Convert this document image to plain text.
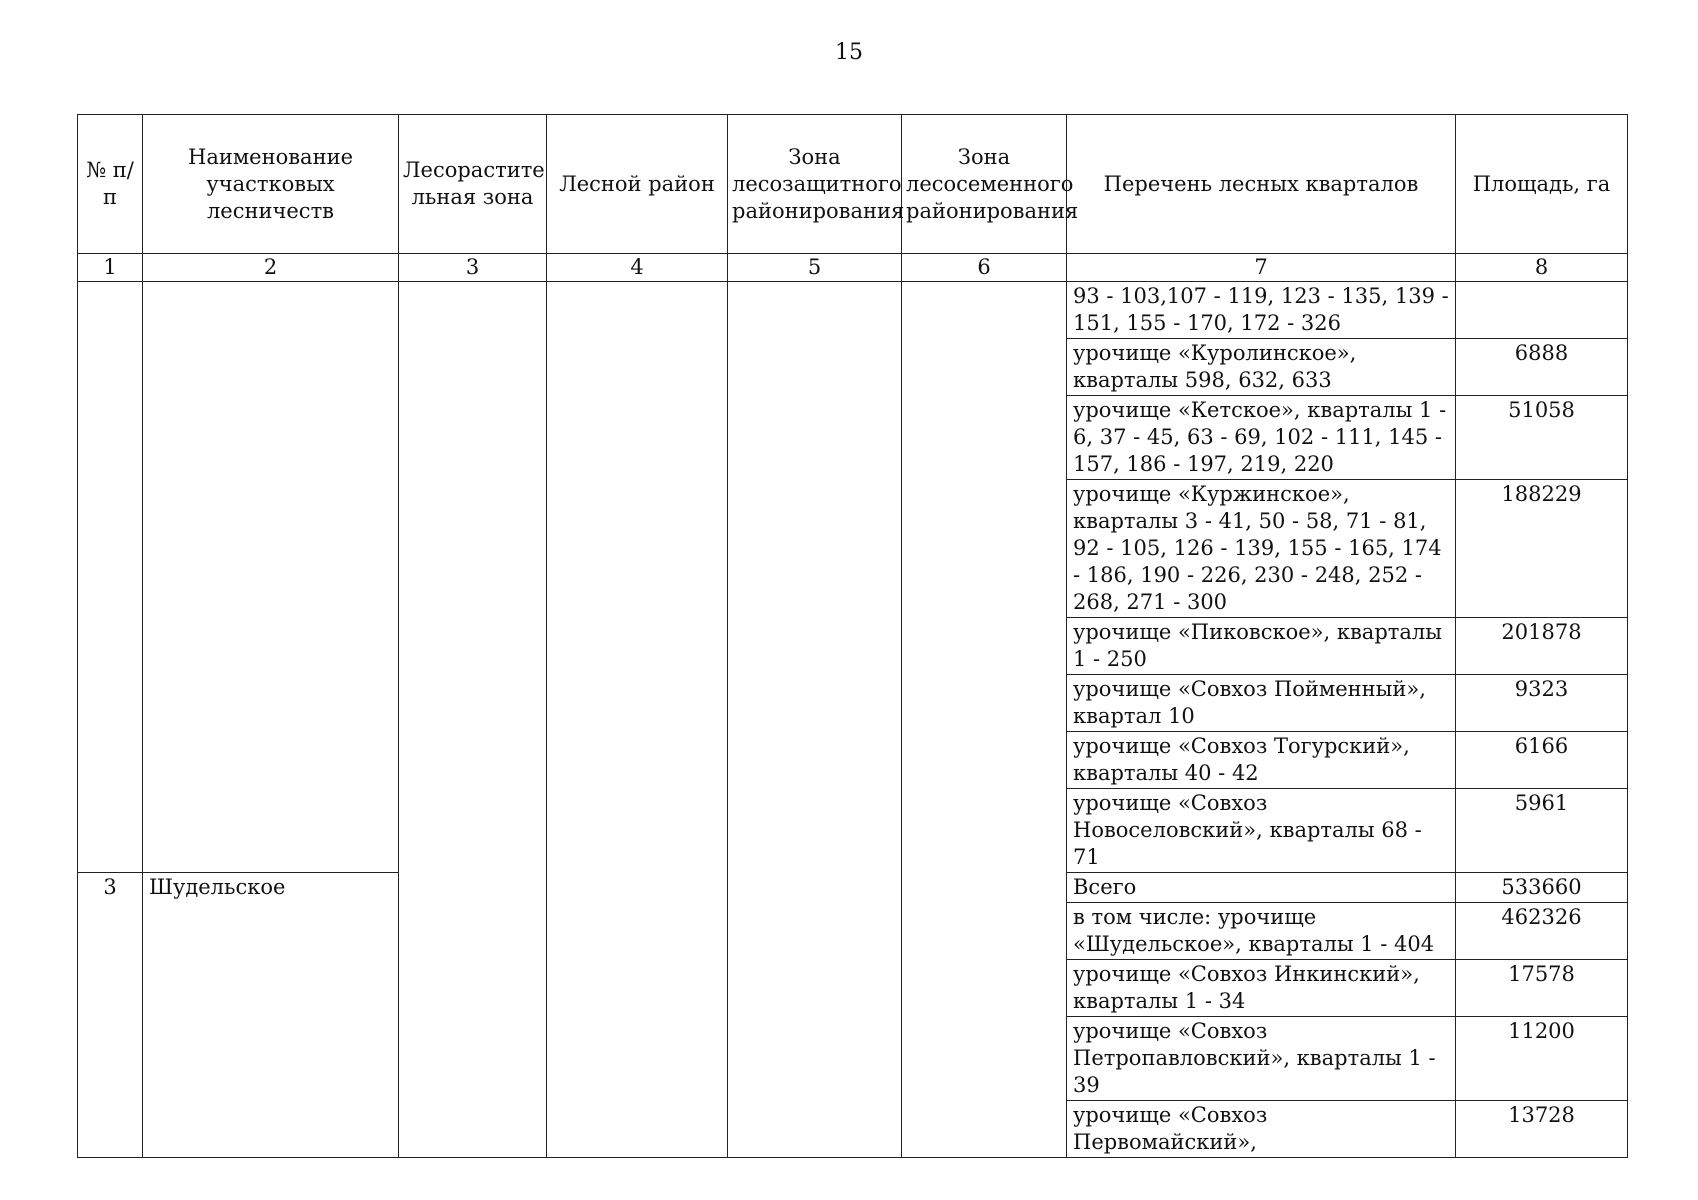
15
№ п/п	Наименование участковых лесничеств	Лесорастите льная зона	Лесной район	Зона лесозащитного районирования	Зона лесосеменного районирования	Перечень лесных кварталов	Площадь, га
1	2	3	4	5	6	7	8
						93 - 103,107 - 119, 123 - 135, 139 - 151, 155 - 170, 172 - 326	
						урочище «Куролинское», кварталы 598, 632, 633	6888
						урочище «Кетское», кварталы 1 - 6, 37 - 45, 63 - 69, 102 - 111, 145 - 157, 186 - 197, 219, 220	51058
						урочище «Куржинское», кварталы 3 - 41, 50 - 58, 71 - 81, 92 - 105, 126 - 139, 155 - 165, 174 - 186, 190 - 226, 230 - 248, 252 - 268, 271 - 300	188229
						урочище «Пиковское», кварталы 1 - 250	201878
						урочище «Совхоз Пойменный», квартал 10	9323
						урочище «Совхоз Тогурский», кварталы 40 - 42	6166
						урочище «Совхоз Новоселовский», кварталы 68 - 71	5961
3	Шудельское					Всего	533660
						в том числе: урочище «Шудельское», кварталы 1 - 404	462326
						урочище «Совхоз Инкинский», кварталы 1 - 34	17578
						урочище «Совхоз Петропавловский», кварталы 1 - 39	11200
						урочище «Совхоз Первомайский»,	13728
